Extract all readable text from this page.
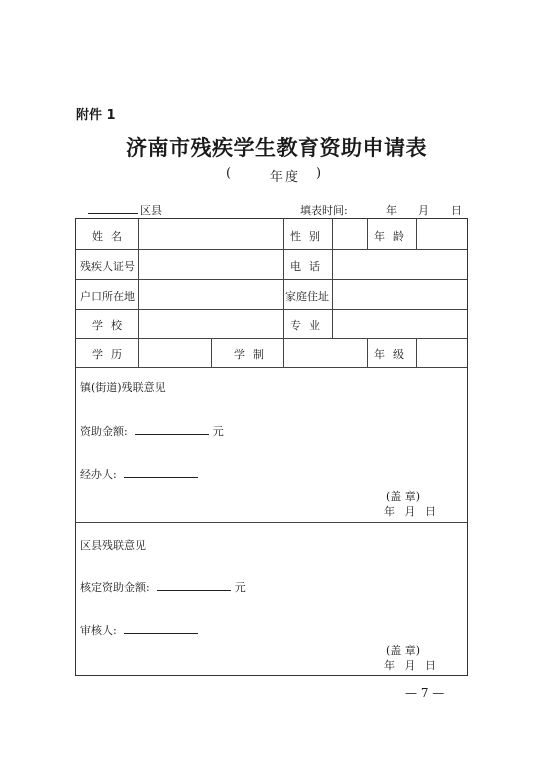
附件 1
济南市残疾学生教育资助申请表
(	年度 )
区县	填表时间:	年 月 日
姓名	性别	年龄
残疾人证号	电话
户口所在地	家庭住址
学校	专业
学历	学制	年级
镇(街道)残联意见
资助金额:	元
经办人:
(盖 章)
年 月 日
区县残联意见
核定资助金额:	元
审核人:
(盖 章)
年 月 日
— 7 —
